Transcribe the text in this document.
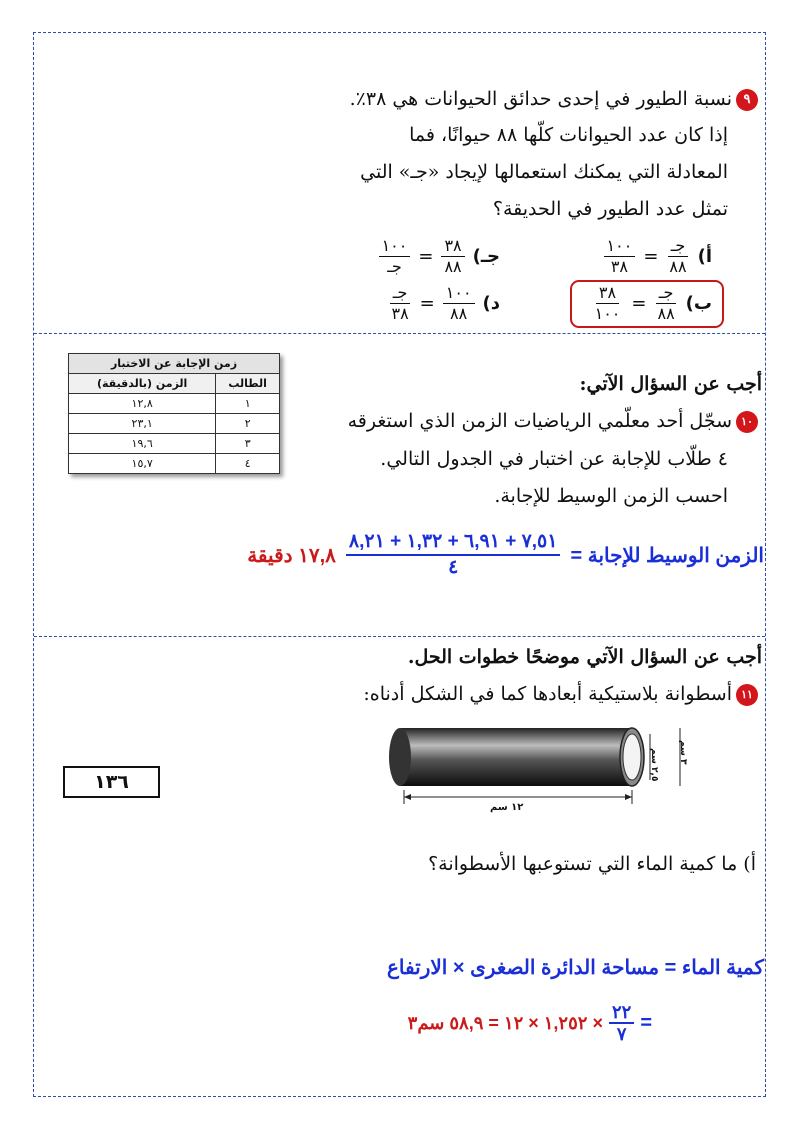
٩نسبة الطيور في إحدى حدائق الحيوانات هي ٣٨٪.
إذا كان عدد الحيوانات كلّها ٨٨ حيوانًا، فما
المعادلة التي يمكنك استعمالها لإيجاد «جـ» التي
تمثل عدد الطيور في الحديقة؟
أ)
$\frac{\text{جـ}}{٨٨}$
=
$\frac{١٠٠}{٣٨}$
جـ)
$\frac{٣٨}{٨٨}$
=
$\frac{١٠٠}{\text{جـ}}$
ب)
$\frac{\text{جـ}}{٨٨}$
=
$\frac{٣٨}{١٠٠}$
د)
$\frac{١٠٠}{٨٨}$
=
$\frac{\text{جـ}}{٣٨}$
زمن الإجابة عن الاختبار	
الطالب	الزمن (بالدقيقة)
١	١٢,٨
٢	٢٣,١
٣	١٩,٦
٤	١٥,٧
أجب عن السؤال الآتي:
١٠سجّل أحد معلّمي الرياضيات الزمن الذي استغرقه
٤ طلّاب للإجابة عن اختبار في الجدول التالي.
احسب الزمن الوسيط للإجابة.
الزمن الوسيط للإجابة =
$\frac{٧,٥١ + ٦,٩١ + ١,٣٢ + ٨,٢١}{٤}$
١٧,٨ دقيقة
أجب عن السؤال الآتي موضحًا خطوات الحل.
١١أسطوانة بلاستيكية أبعادها كما في الشكل أدناه:
١٢ سم
٢,٥ سم
٣ سم
أ) ما كمية الماء التي تستوعبها الأسطوانة؟
كمية الماء = مساحة الدائرة الصغرى × الارتفاع
=
$\frac{٢٢}{٧}$
× ١,٢٥٢ × ١٢ = ٥٨,٩ سم٣
١٣٦
